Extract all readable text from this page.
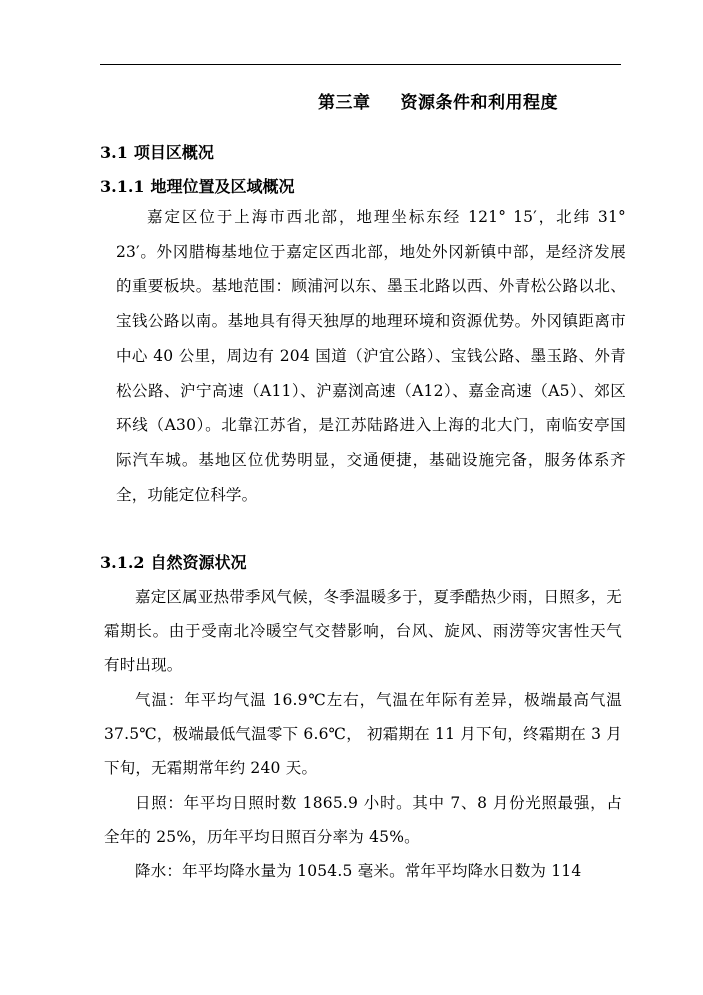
第三章 资源条件和利用程度
3.1 项目区概况
3.1.1 地理位置及区域概况
嘉定区位于上海市西北部，地理坐标东经 121° 15′，北纬 31° 23′。外冈腊梅基地位于嘉定区西北部，地处外冈新镇中部，是经济发展的重要板块。基地范围：顾浦河以东、墨玉北路以西、外青松公路以北、宝钱公路以南。基地具有得天独厚的地理环境和资源优势。外冈镇距离市中心 40 公里，周边有 204 国道（沪宜公路）、宝钱公路、墨玉路、外青松公路、沪宁高速（A11）、沪嘉浏高速（A12）、嘉金高速（A5）、郊区环线（A30）。北靠江苏省，是江苏陆路进入上海的北大门，南临安亭国际汽车城。基地区位优势明显，交通便捷，基础设施完备，服务体系齐全，功能定位科学。
3.1.2 自然资源状况
嘉定区属亚热带季风气候，冬季温暖多于，夏季酷热少雨，日照多，无霜期长。由于受南北冷暖空气交替影响，台风、旋风、雨涝等灾害性天气有时出现。
气温：年平均气温 16.9℃左右，气温在年际有差异，极端最高气温 37.5℃，极端最低气温零下 6.6℃， 初霜期在 11 月下旬，终霜期在 3 月下旬，无霜期常年约 240 天。
日照：年平均日照时数 1865.9 小时。其中 7、8 月份光照最强，占全年的 25%，历年平均日照百分率为 45%。
降水：年平均降水量为 1054.5 毫米。常年平均降水日数为 114
